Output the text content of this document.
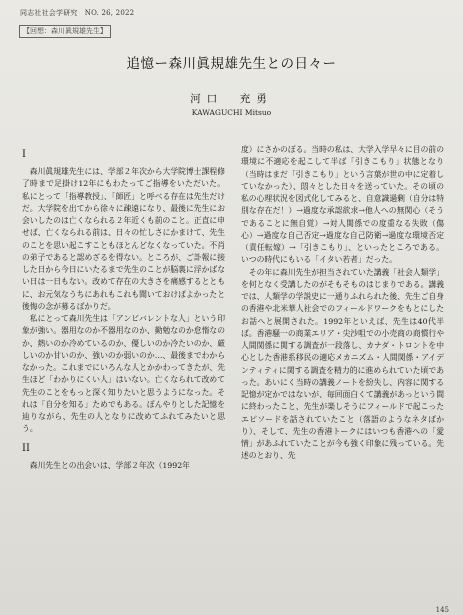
同志社社会学研究　NO. 26, 2022
【回想：森川眞規雄先生】
追憶ー森川眞規雄先生との日々ー
河口　充勇
KAWAGUCHI Mitsuo
I

森川眞規雄先生には、学部２年次から大学院博士課程修了時まで足掛け12年にもわたってご指導をいただいた。私にとって「指導教授」、「師匠」と呼べる存在は先生だけだ。大学院を出てから徐々に疎遠になり、最後に先生にお会いしたのは亡くなられる２年近くも前のこと。正直に申せば、亡くなられる前は、日々の忙しさにかまけて、先生のことを思い起こすこともほとんどなくなっていた。不肖の弟子であると認めざるを得ない。ところが、ご訃報に接した日から今日にいたるまで先生のことが脳裏に浮かばない日は一日もない。改めて存在の大きさを痛感するとともに、お元気なうちにあれもこれも聞いておけばよかったと後悔の念が募るばかりだ。

私にとって森川先生は「アンビバレントな人」という印象が強い。器用なのか不器用なのか、勤勉なのか怠惰なのか、熱いのか冷めているのか、優しいのか冷たいのか、厳しいのか甘いのか、強いのか弱いのか…、最後までわからなかった。これまでにいろんな人とかかわってきたが、先生ほど「わかりにくい人」はいない。亡くなられて改めて先生のことをもっと深く知りたいと思うようになった。それは「自分を知る」ためでもある。ぼんやりとした記憶を辿りながら、先生の人となりに改めてふれてみたいと思う。

II

森川先生との出会いは、学部２年次（1992年

度）にさかのぼる。当時の私は、大学入学早々に目の前の環境に不適応を起こして半ば「引きこもり」状態となり（当時はまだ「引きこもり」という言葉が世の中に定着していなかった）、悶々とした日々を送っていた。その頃の私の心理状況を図式化してみると、自意識過剰（自分は特別な存在だ！）→過度な承認欲求→他人への無関心（そうであることに無自覚）→対人関係での度重なる失敗（傷心）→過度な自己否定→過度な自己防衛→過度な環境否定（責任転嫁）→「引きこもり」、といったところである。いつの時代にもいる「イタい若者」だった。

その年に森川先生が担当されていた講義「社会人類学」を何となく受講したのがそもそものはじまりである。講義では、人類学の学説史に一通りふれられた後、先生ご自身の香港や北米華人社会でのフィールドワークをもとにしたお話へと展開された。1992年といえば、先生は40代半ば。香港騒一の商業エリア・尖沙咀での小売商の商慣行や人間関係に関する調査が一段落し、カナダ・トロントを中心とした香港系移民の適応メカニズム・人間関係・アイデンティティに関する調査を精力的に進められていた頃であった。あいにく当時の講義ノートを紛失し、内容に関する記憶が定かではないが、毎回面白くて講義があっという間に終わったこと、先生が楽しそうにフィールドで起こったエピソードを話されていたこと（落語のようなネタばかり）、そして、先生の香港トークにはいつも香港への「愛情」があふれていたことが今も強く印象に残っている。先述のとおり、先

145
